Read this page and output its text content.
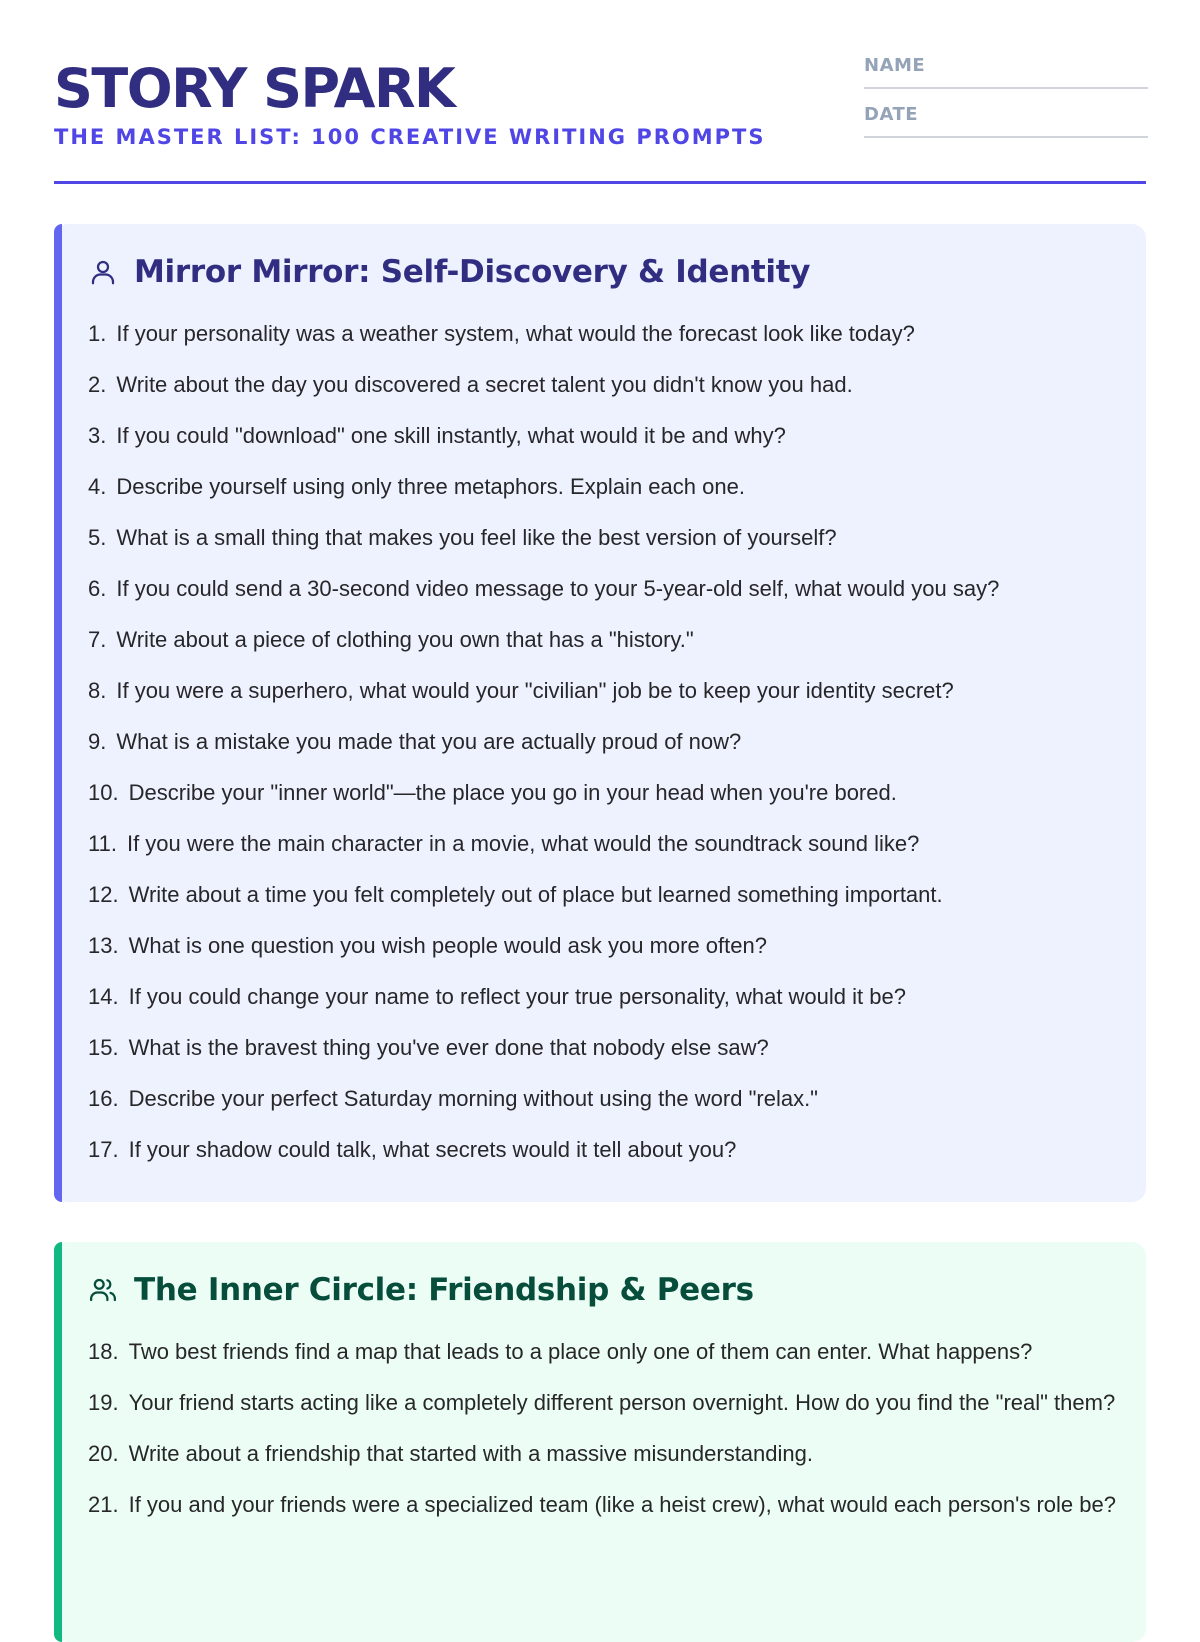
STORY SPARK
THE MASTER LIST: 100 CREATIVE WRITING PROMPTS
NAME
DATE
Mirror Mirror: Self-Discovery & Identity
1. If your personality was a weather system, what would the forecast look like today?
2. Write about the day you discovered a secret talent you didn't know you had.
3. If you could "download" one skill instantly, what would it be and why?
4. Describe yourself using only three metaphors. Explain each one.
5. What is a small thing that makes you feel like the best version of yourself?
6. If you could send a 30-second video message to your 5-year-old self, what would you say?
7. Write about a piece of clothing you own that has a "history."
8. If you were a superhero, what would your "civilian" job be to keep your identity secret?
9. What is a mistake you made that you are actually proud of now?
10. Describe your "inner world"—the place you go in your head when you're bored.
11. If you were the main character in a movie, what would the soundtrack sound like?
12. Write about a time you felt completely out of place but learned something important.
13. What is one question you wish people would ask you more often?
14. If you could change your name to reflect your true personality, what would it be?
15. What is the bravest thing you've ever done that nobody else saw?
16. Describe your perfect Saturday morning without using the word "relax."
17. If your shadow could talk, what secrets would it tell about you?
The Inner Circle: Friendship & Peers
18. Two best friends find a map that leads to a place only one of them can enter. What happens?
19. Your friend starts acting like a completely different person overnight. How do you find the "real" them?
20. Write about a friendship that started with a massive misunderstanding.
21. If you and your friends were a specialized team (like a heist crew), what would each person's role be?
